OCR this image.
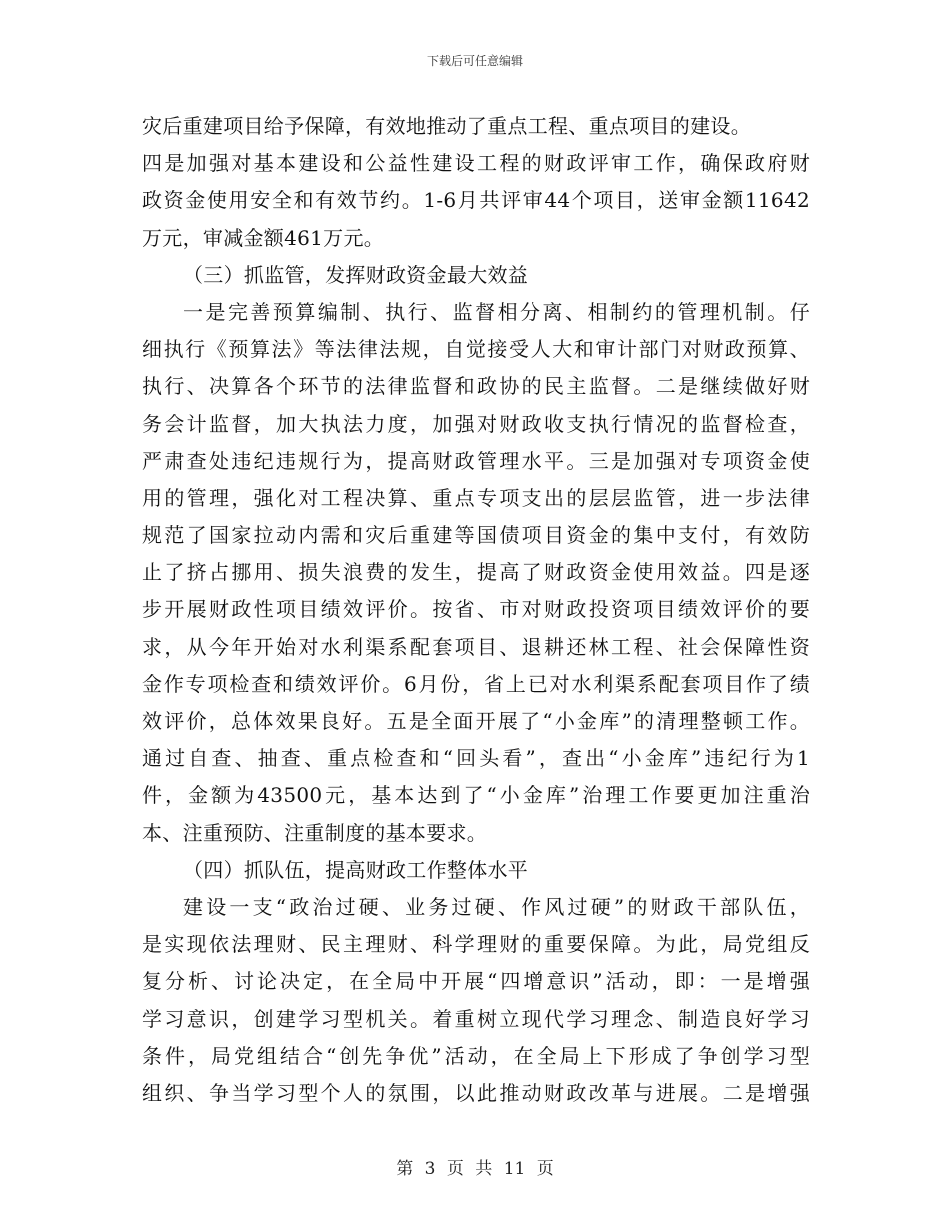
下载后可任意编辑
灾后重建项目给予保障，有效地推动了重点工程、重点项目的建设。
四是加强对基本建设和公益性建设工程的财政评审工作，确保政府财
政资金使用安全和有效节约。1-6月共评审44个项目，送审金额11642
万元，审减金额461万元。
（三）抓监管，发挥财政资金最大效益
一是完善预算编制、执行、监督相分离、相制约的管理机制。仔
细执行《预算法》等法律法规，自觉接受人大和审计部门对财政预算、
执行、决算各个环节的法律监督和政协的民主监督。二是继续做好财
务会计监督，加大执法力度，加强对财政收支执行情况的监督检查，
严肃查处违纪违规行为，提高财政管理水平。三是加强对专项资金使
用的管理，强化对工程决算、重点专项支出的层层监管，进一步法律
规范了国家拉动内需和灾后重建等国债项目资金的集中支付，有效防
止了挤占挪用、损失浪费的发生，提高了财政资金使用效益。四是逐
步开展财政性项目绩效评价。按省、市对财政投资项目绩效评价的要
求，从今年开始对水利渠系配套项目、退耕还林工程、社会保障性资
金作专项检查和绩效评价。6月份，省上已对水利渠系配套项目作了绩
效评价，总体效果良好。五是全面开展了“小金库”的清理整顿工作。
通过自查、抽查、重点检查和“回头看”，查出“小金库”违纪行为1
件，金额为43500元，基本达到了“小金库”治理工作要更加注重治
本、注重预防、注重制度的基本要求。
（四）抓队伍，提高财政工作整体水平
建设一支“政治过硬、业务过硬、作风过硬”的财政干部队伍，
是实现依法理财、民主理财、科学理财的重要保障。为此，局党组反
复分析、讨论决定，在全局中开展“四增意识”活动，即：一是增强
学习意识，创建学习型机关。着重树立现代学习理念、制造良好学习
条件，局党组结合“创先争优”活动，在全局上下形成了争创学习型
组织、争当学习型个人的氛围，以此推动财政改革与进展。二是增强
第 3 页 共 11 页
